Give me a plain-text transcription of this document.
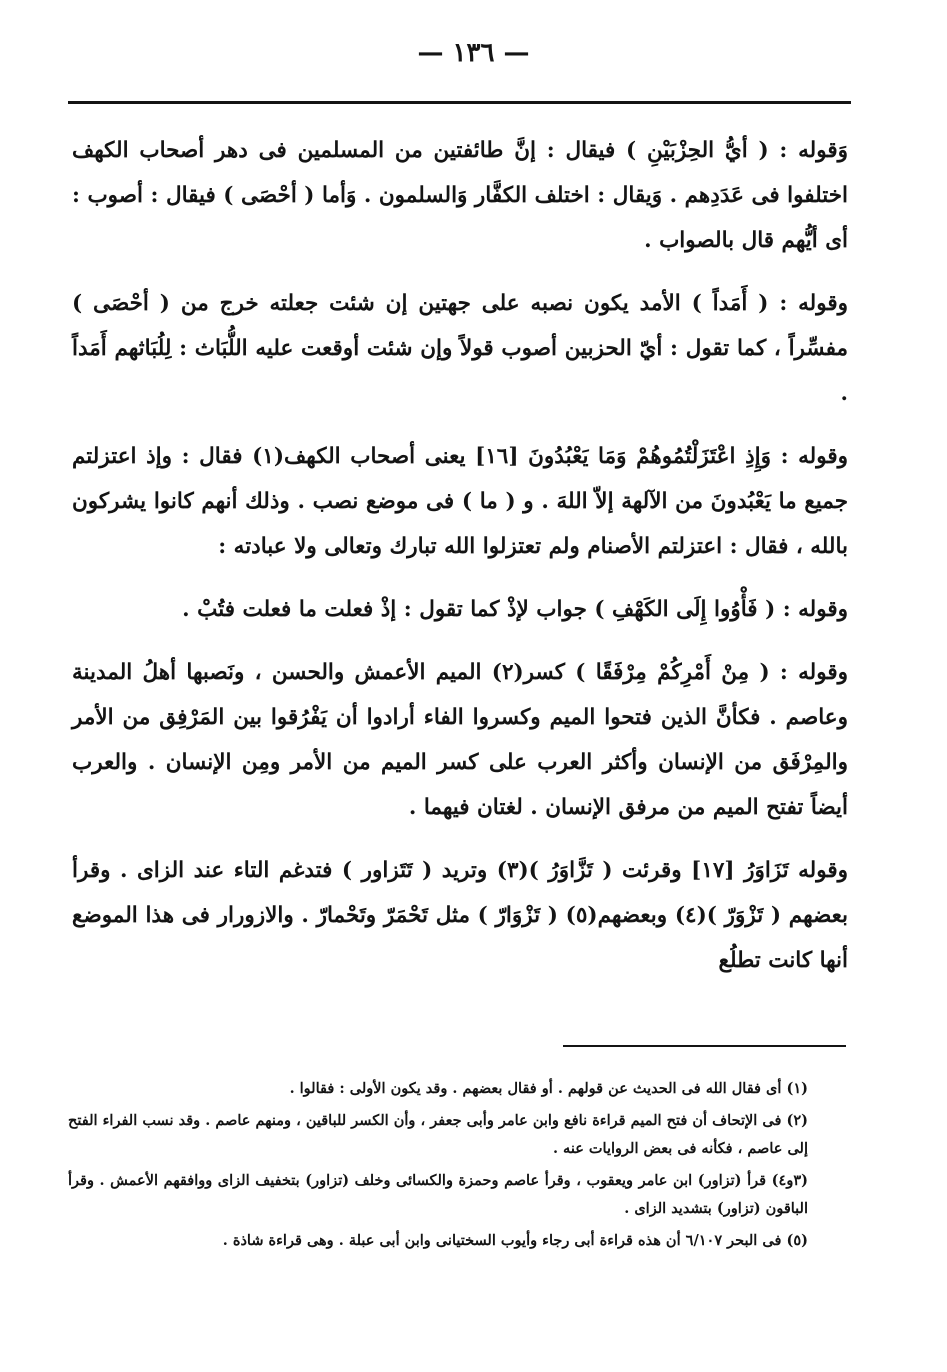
— ١٣٦ —

وَقوله : ( أيُّ الحِزْبَيْنِ ) فيقال : إنَّ طائفتين من المسلمين فى دهر أصحاب الكهف اختلفوا فى عَدَدِهم . وَيقال : اختلف الكفَّار وَالسلمون . وَأما ( أحْصَى ) فيقال : أصوب : أى أيُّهم قال بالصواب .

وقوله : ( أَمَداً ) الأمد يكون نصبه على جهتين إن شئت جعلته خرج من ( أحْصَى ) مفسِّراً ، كما تقول : أيّ الحزبين أصوب قولاً وإن شئت أوقعت عليه اللُّبَاث : لِلُبَاثهم أَمَداً .

وقوله : وَإِذِ اعْتَزَلْتُمُوهُمْ وَمَا يَعْبُدُونَ [١٦] يعنى أصحاب الكهف(١) فقال : وإذ اعتزلتم جميع ما يَعْبُدونَ من الآلهة إلاّ اللهَ . و ( ما ) فى موضع نصب . وذلك أنهم كانوا يشركون بالله ، فقال : اعتزلتم الأصنام ولم تعتزلوا الله تبارك وتعالى ولا عبادته :

وقوله : ( فَأْوُوا إِلَى الكَهْفِ ) جواب لإذْ كما تقول : إذْ فعلت ما فعلت فتُبْ .

وقوله : ( مِنْ أَمْرِكُمْ مِرْفَقًا ) كسر(٢) الميم الأعمش والحسن ، ونَصبها أهلُ المدينة وعاصم . فكأنَّ الذين فتحوا الميم وكسروا الفاء أرادوا أن يَفْرُقوا بين المَرْفِق من الأمر والمِرْفَق من الإنسان وأكثر العرب على كسر الميم من الأمر ومِن الإنسان . والعرب أيضاً تفتح الميم من مرفق الإنسان . لغتان فيهما .

وقوله تَزَاوَرُ [١٧] وقرئت ( تَزَّاوَرُ )(٣) وتريد ( تَتَزاور ) فتدغم التاء عند الزاى . وقرأ بعضهم ( تَزْوَرّ )(٤) وبعضهم(٥) ( تَزْوَارّ ) مثل تَحْمَرّ وتَحْمارّ . والازورار فى هذا الموضع أنها كانت تطلُع

(١) أى فقال الله فى الحديث عن قولهم . أو فقال بعضهم . وقد يكون الأولى : فقالوا .

(٢) فى الإتحاف أن فتح الميم قراءة نافع وابن عامر وأبى جعفر ، وأن الكسر للباقين ، ومنهم عاصم . وقد نسب الفراء الفتح إلى عاصم ، فكأنه فى بعض الروايات عنه .

(٣و٤) قرأ (تزاور) ابن عامر ويعقوب ، وقرأ عاصم وحمزة والكسائى وخلف (تزاور) بتخفيف الزاى ووافقهم الأعمش . وقرأ الباقون (تزاور) بتشديد الزاى .

(٥) فى البحر ٦/١٠٧ أن هذه قراءة أبى رجاء وأيوب السختيانى وابن أبى عبلة . وهى قراءة شاذة .
